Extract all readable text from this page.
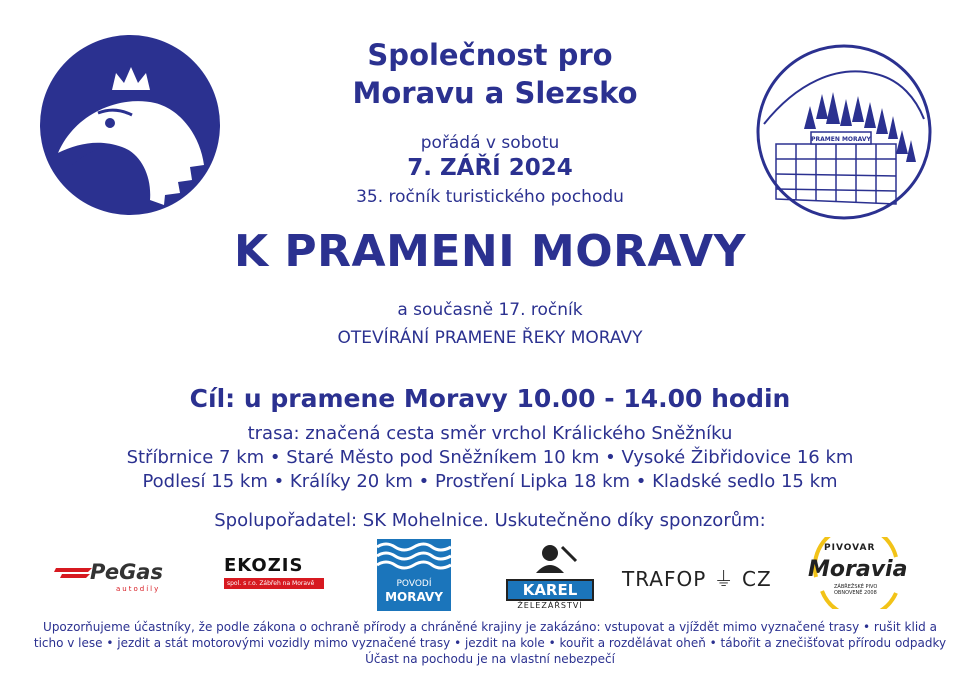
PRAMEN MORAVY
Společnost pro
Moravu a Slezsko
pořádá v sobotu
7. ZÁŘÍ 2024
35. ročník turistického pochodu
K PRAMENI MORAVY
a současně 17. ročník
OTEVÍRÁNÍ PRAMENE ŘEKY MORAVY
Cíl: u pramene Moravy 10.00 - 14.00 hodin
trasa: značená cesta směr vrchol Králického Sněžníku
Stříbrnice 7 km • Staré Město pod Sněžníkem 10 km • Vysoké Žibřidovice 16 km
Podlesí 15 km • Králíky 20 km • Prostření Lipka 18 km • Kladské sedlo 15 km
Spolupořadatel: SK Mohelnice. Uskutečněno díky sponzorům:
PeGas
autodíly
EKOZIS
spol. s r.o. Zábřeh na Moravě	POVODÍ
MORAVY	KAREL
ŽELEZÁŘSTVÍ
TRAFOP ⏚ CZ
PIVOVAR
Moravia
ZÁBŘEŽSKÉ PIVO
OBNOVENÉ 2008
Upozorňujeme účastníky, že podle zákona o ochraně přírody a chráněné krajiny je zakázáno: vstupovat a vjíždět mimo vyznačené trasy • rušit klid a
ticho v lese • jezdit a stát motorovými vozidly mimo vyznačené trasy • jezdit na kole • kouřit a rozdělávat oheň • tábořit a znečišťovat přírodu odpadky
Účast na pochodu je na vlastní nebezpečí
